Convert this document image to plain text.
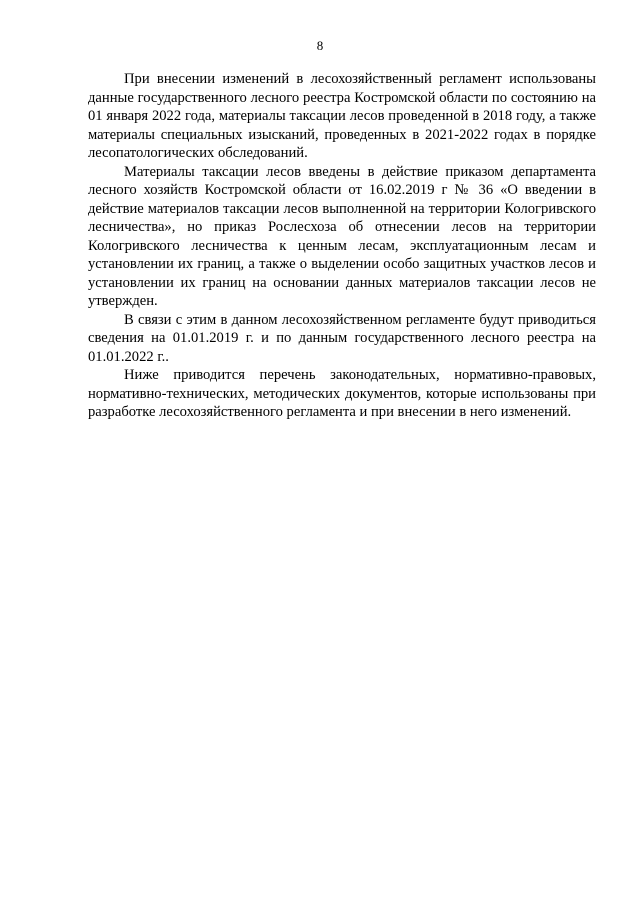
8

При внесении изменений в лесохозяйственный регламент использованы данные государственного лесного реестра Костромской области по состоянию на 01 января 2022 года, материалы таксации лесов проведенной в 2018 году, а также материалы специальных изысканий, проведенных в 2021-2022 годах в порядке лесопатологических обследований.

Материалы таксации лесов введены в действие приказом департамента лесного хозяйств Костромской области от 16.02.2019 г № 36 «О введении в действие материалов таксации лесов выполненной на территории Кологривского лесничества», но приказ Рослесхоза об отнесении лесов на территории Кологривского лесничества к ценным лесам, эксплуатационным лесам и установлении их границ, а также о выделении особо защитных участков лесов и установлении их границ на основании данных материалов таксации лесов не утвержден.

В связи с этим в данном лесохозяйственном регламенте будут приводиться сведения на 01.01.2019 г. и по данным государственного лесного реестра на 01.01.2022 г..

Ниже приводится перечень законодательных, нормативно-правовых, нормативно-технических, методических документов, которые использованы при разработке лесохозяйственного регламента и при внесении в него изменений.
